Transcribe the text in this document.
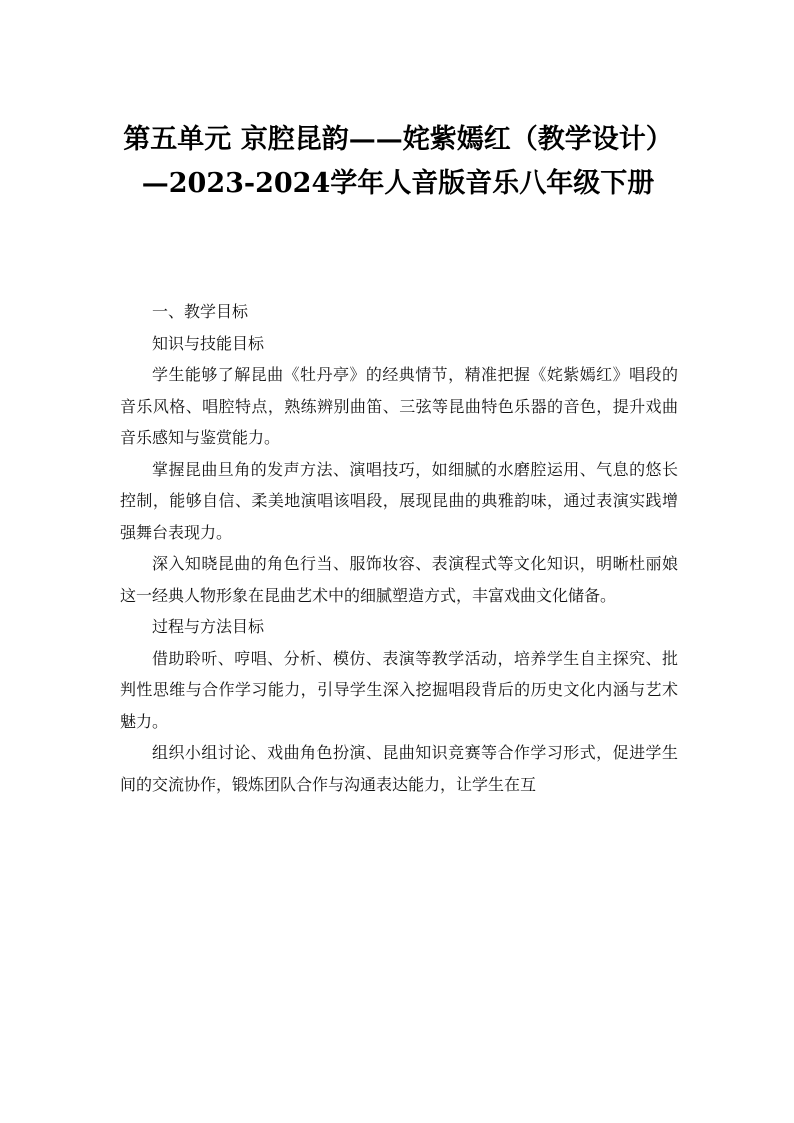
第五单元 京腔昆韵——姹紫嫣红（教学设计）—2023-2024学年人音版音乐八年级下册

一、教学目标

知识与技能目标

学生能够了解昆曲《牡丹亭》的经典情节，精准把握《姹紫嫣红》唱段的音乐风格、唱腔特点，熟练辨别曲笛、三弦等昆曲特色乐器的音色，提升戏曲音乐感知与鉴赏能力。

掌握昆曲旦角的发声方法、演唱技巧，如细腻的水磨腔运用、气息的悠长控制，能够自信、柔美地演唱该唱段，展现昆曲的典雅韵味，通过表演实践增强舞台表现力。

深入知晓昆曲的角色行当、服饰妆容、表演程式等文化知识，明晰杜丽娘这一经典人物形象在昆曲艺术中的细腻塑造方式，丰富戏曲文化储备。

过程与方法目标

借助聆听、哼唱、分析、模仿、表演等教学活动，培养学生自主探究、批判性思维与合作学习能力，引导学生深入挖掘唱段背后的历史文化内涵与艺术魅力。

组织小组讨论、戏曲角色扮演、昆曲知识竞赛等合作学习形式，促进学生间的交流协作，锻炼团队合作与沟通表达能力，让学生在互
